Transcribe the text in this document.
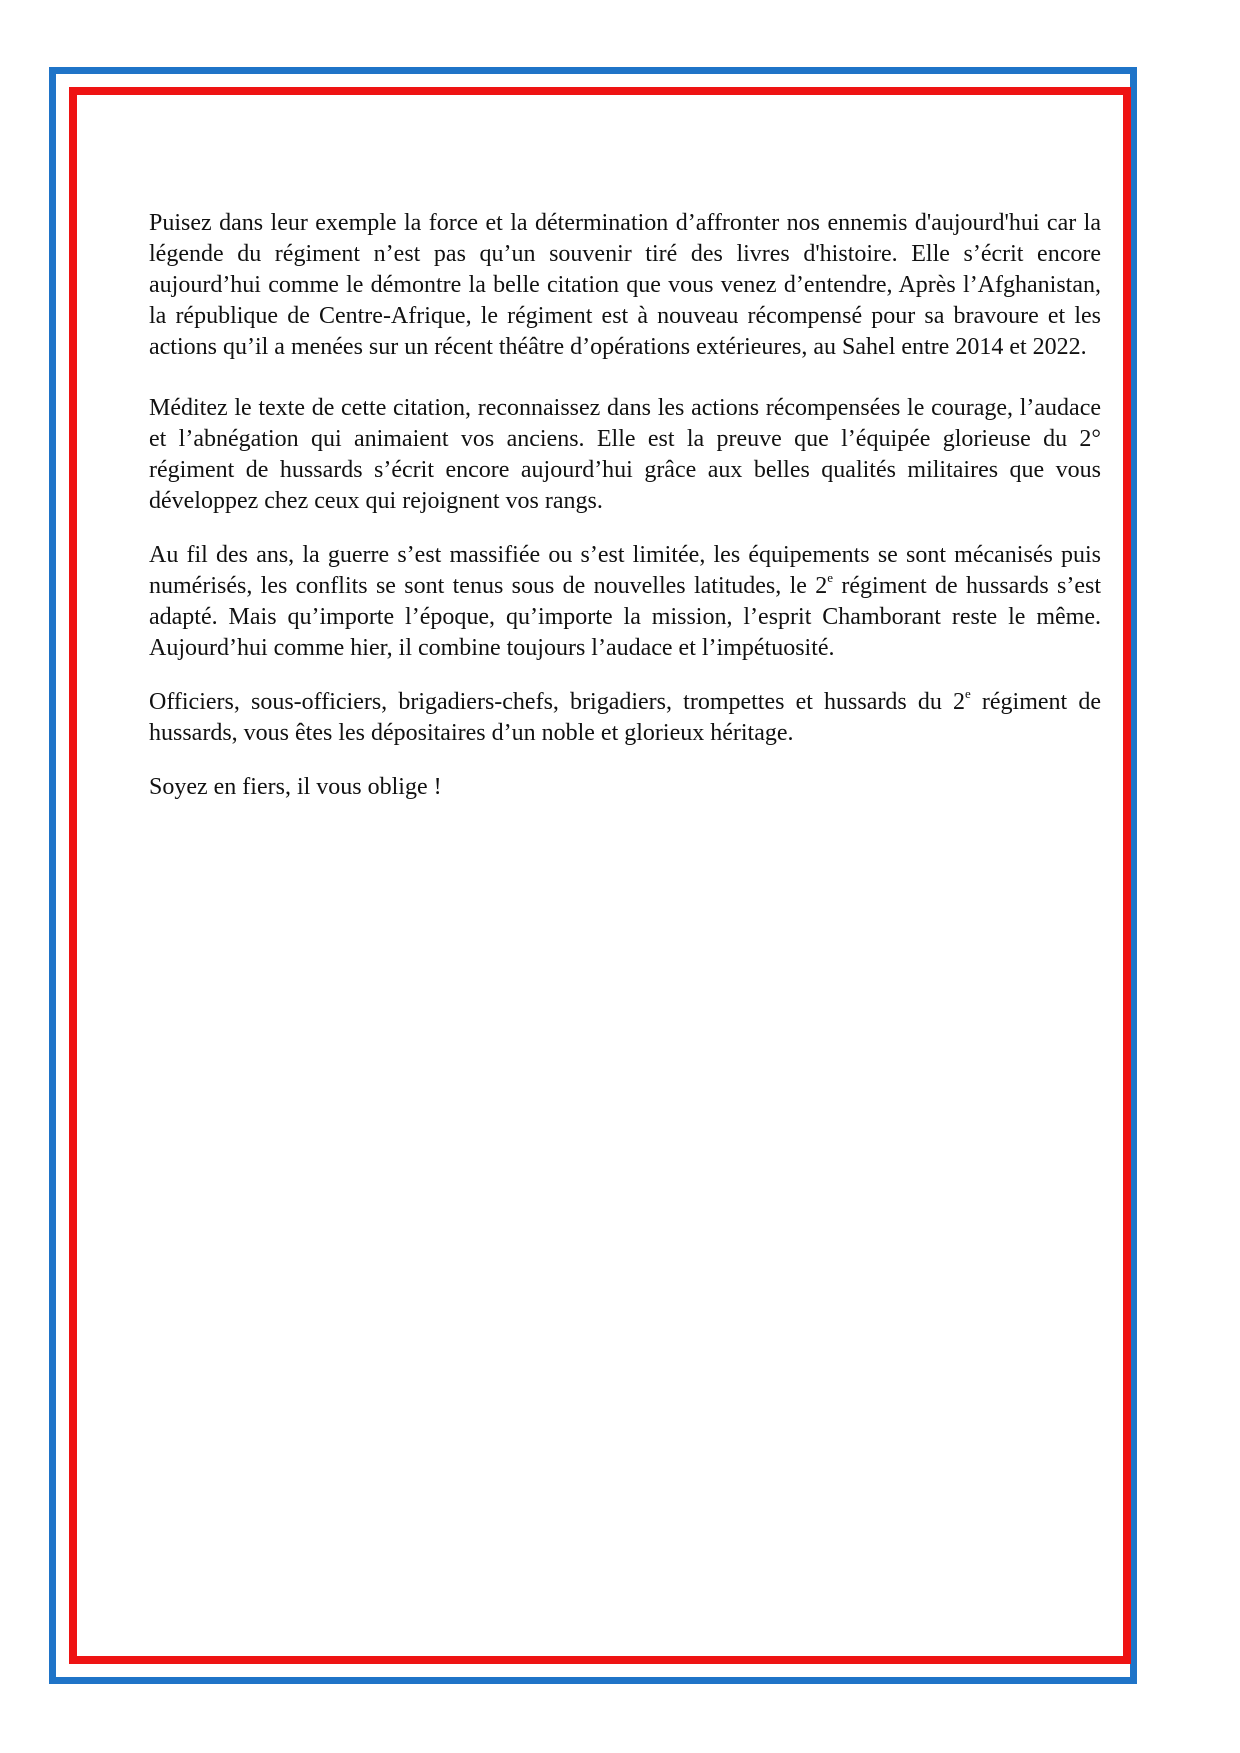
Puisez dans leur exemple la force et la détermination d’affronter nos ennemis d'aujourd'hui car la légende du régiment n’est pas qu’un souvenir tiré des livres d'histoire. Elle s’écrit encore aujourd’hui comme le démontre la belle citation que vous venez d’entendre, Après l’Afghanistan, la république de Centre-Afrique, le régiment est à nouveau récompensé pour sa bravoure et les actions qu’il a menées sur un récent théâtre d’opérations extérieures, au Sahel entre 2014 et 2022.

Méditez le texte de cette citation, reconnaissez dans les actions récompensées le courage, l’audace et l’abnégation qui animaient vos anciens. Elle est la preuve que l’équipée glorieuse du 2° régiment de hussards s’écrit encore aujourd’hui grâce aux belles qualités militaires que vous développez chez ceux qui rejoignent vos rangs.

Au fil des ans, la guerre s’est massifiée ou s’est limitée, les équipements se sont mécanisés puis numérisés, les conflits se sont tenus sous de nouvelles latitudes, le 2e régiment de hussards s’est adapté. Mais qu’importe l’époque, qu’importe la mission, l’esprit Chamborant reste le même. Aujourd’hui comme hier, il combine toujours l’audace et l’impétuosité.

Officiers, sous-officiers, brigadiers-chefs, brigadiers, trompettes et hussards du 2e régiment de hussards, vous êtes les dépositaires d’un noble et glorieux héritage.

Soyez en fiers, il vous oblige !
